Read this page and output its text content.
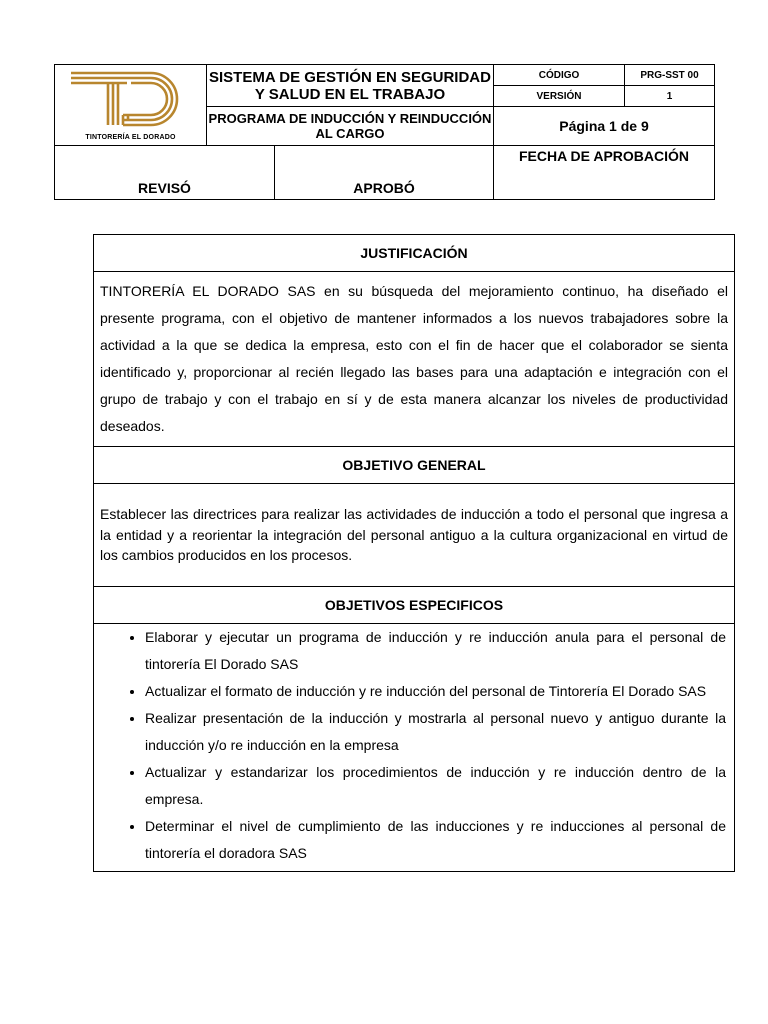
TINTORERÍA EL DORADO	SISTEMA DE GESTIÓN EN SEGURIDAD Y SALUD EN EL TRABAJO		CÓDIGO	PRG-SST 00
			VERSIÓN	1
	PROGRAMA DE INDUCCIÓN Y REINDUCCIÓN AL CARGO		Página 1 de 9	

REVISÓ		APROBÓ	FECHA DE APROBACIÓN	
JUSTIFICACIÓN
TINTORERÍA EL DORADO SAS en su búsqueda del mejoramiento continuo, ha diseñado el presente programa, con el objetivo de mantener informados a los nuevos trabajadores sobre la actividad a la que se dedica la empresa, esto con el fin de hacer que el colaborador se sienta identificado y, proporcionar al recién llegado las bases para una adaptación e integración con el grupo de trabajo y con el trabajo en sí y de esta manera alcanzar los niveles de productividad deseados.
OBJETIVO GENERAL
Establecer las directrices para realizar las actividades de inducción a todo el personal que ingresa a la entidad y a reorientar la integración del personal antiguo a la cultura organizacional en virtud de los cambios producidos en los procesos.
OBJETIVOS ESPECIFICOS
• Elaborar y ejecutar un programa de inducción y re inducción anula para el personal de tintorería El Dorado SAS
• Actualizar el formato de inducción y re inducción del personal de Tintorería El Dorado SAS
• Realizar presentación de la inducción y mostrarla al personal nuevo y antiguo durante la inducción y/o re inducción en la empresa
• Actualizar y estandarizar los procedimientos de inducción y re inducción dentro de la empresa.
• Determinar el nivel de cumplimiento de las inducciones y re inducciones al personal de tintorería el doradora SAS
